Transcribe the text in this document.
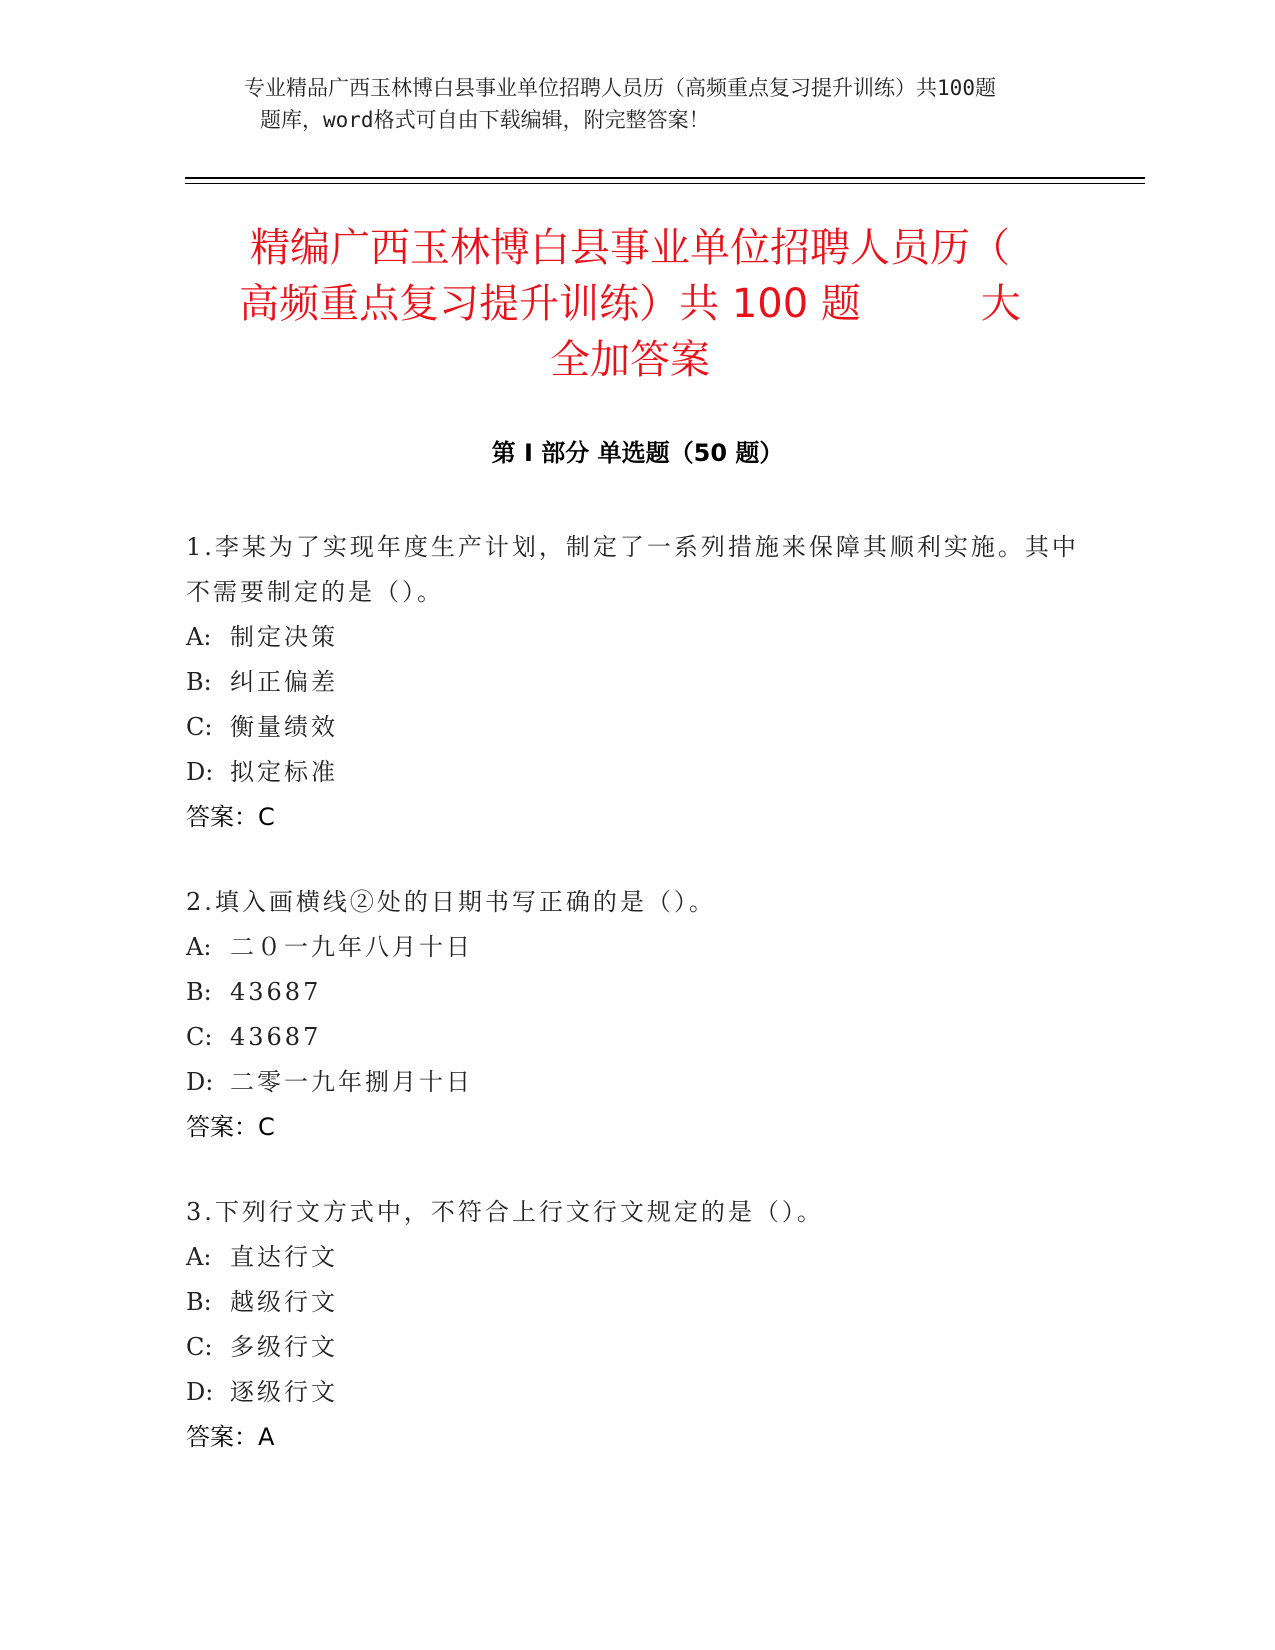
专业精品广西玉林博白县事业单位招聘人员历（高频重点复习提升训练）共100题
题库，word格式可自由下载编辑，附完整答案！
精编广西玉林博白县事业单位招聘人员历（
高频重点复习提升训练）共 100 题	大
全加答案
第 I 部分 单选题（50 题）
1.李某为了实现年度生产计划，制定了一系列措施来保障其顺利实施。其中不需要制定的是（）。
A: 制定决策
B: 纠正偏差
C: 衡量绩效
D: 拟定标准
答案：C
2.填入画横线②处的日期书写正确的是（）。
A: 二０一九年八月十日
B: 43687
C: 43687
D: 二零一九年捌月十日
答案：C
3.下列行文方式中，不符合上行文行文规定的是（）。
A: 直达行文
B: 越级行文
C: 多级行文
D: 逐级行文
答案：A
